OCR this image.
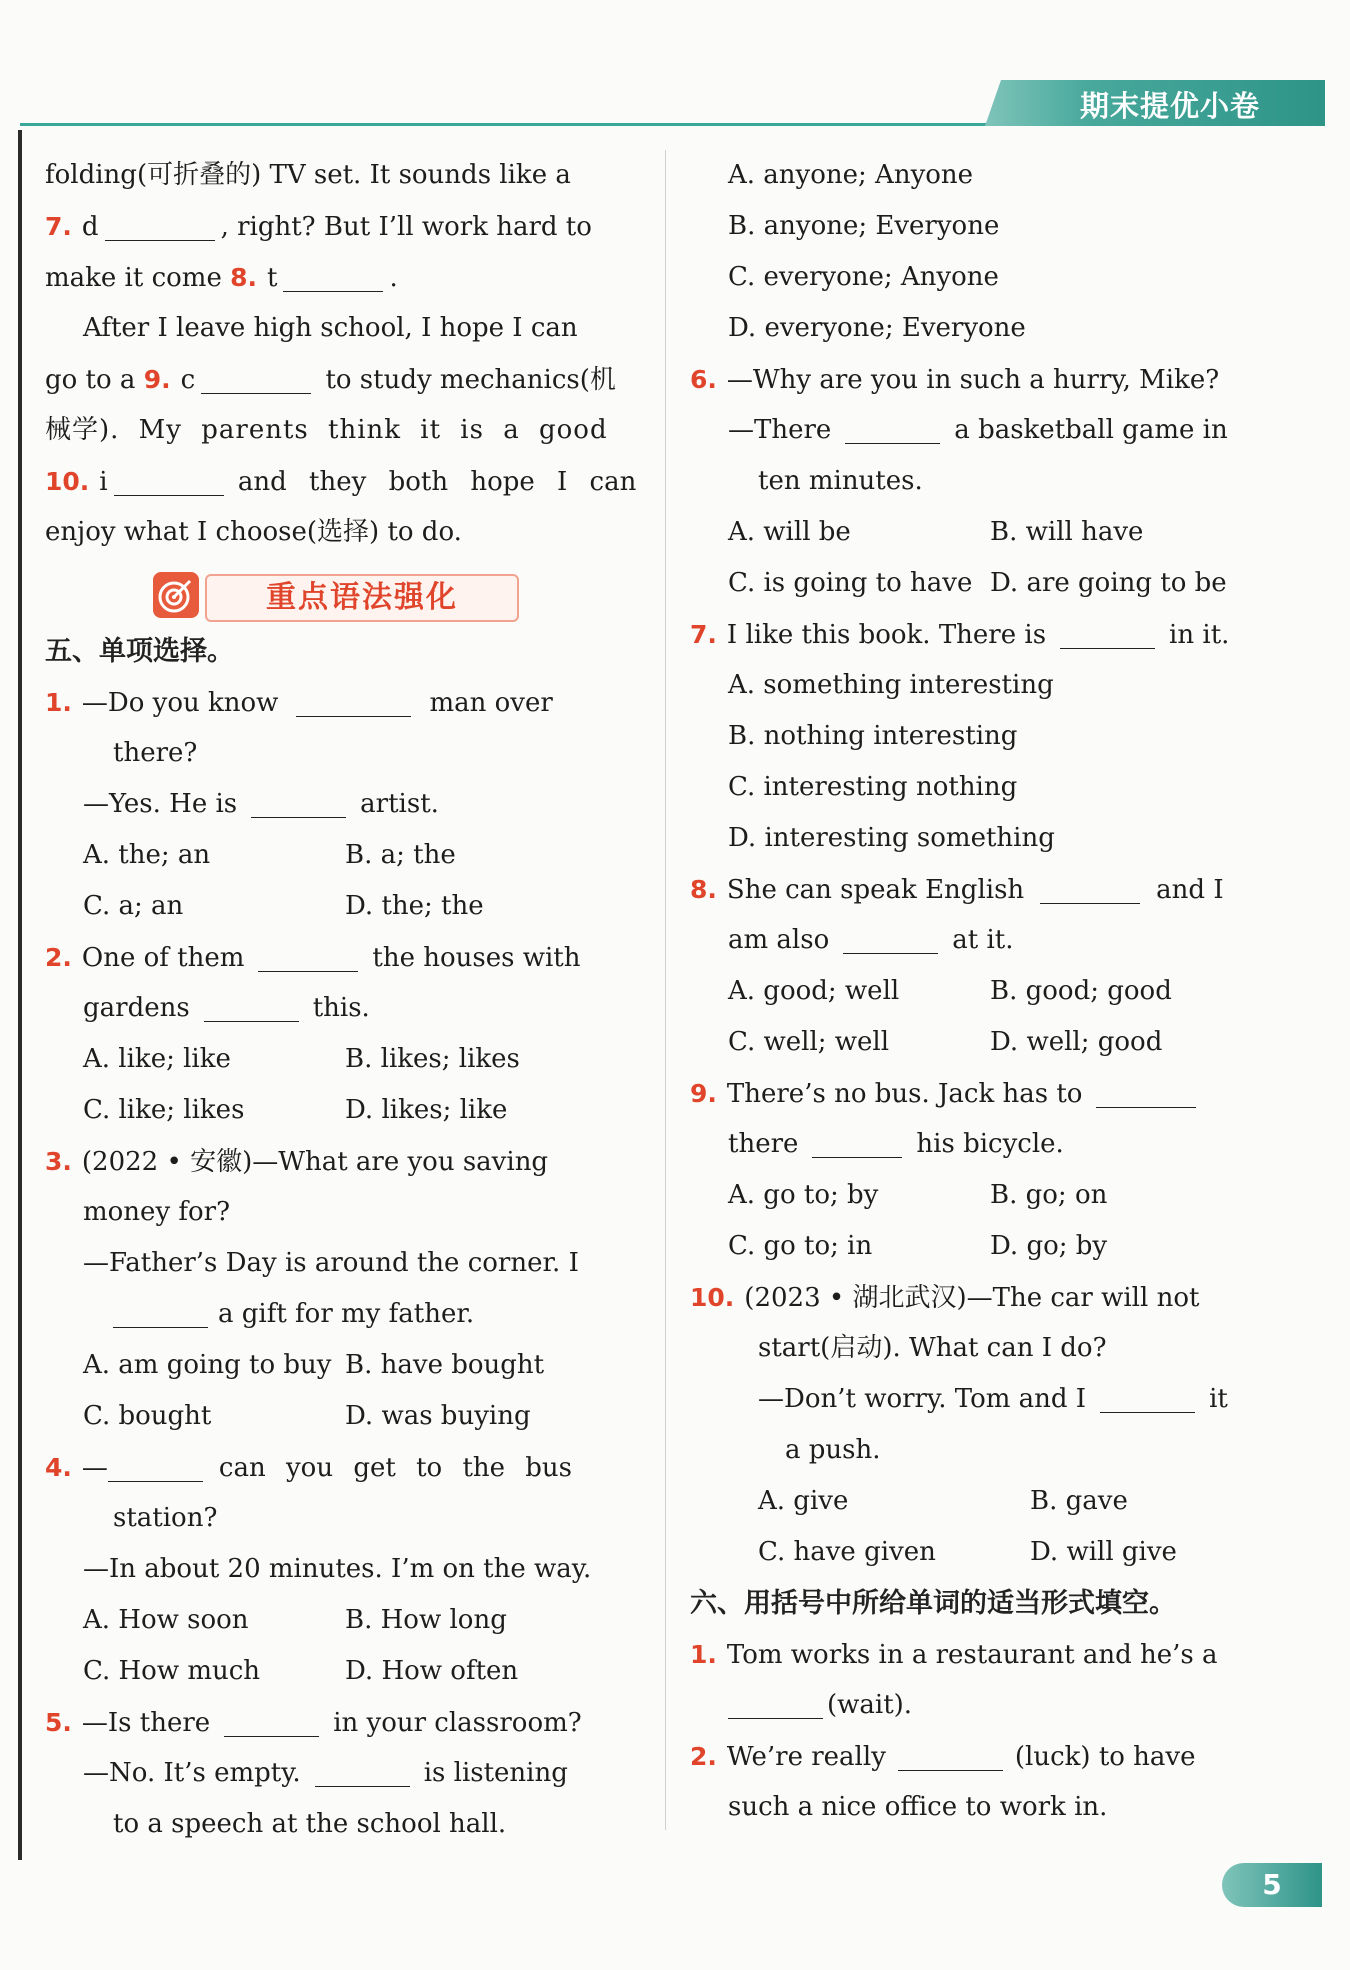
期末提优小卷
folding(可折叠的) TV set. It sounds like a
7. d	, right? But I’ll work hard to
make it come 8. t	.
After I leave high school, I hope I can
go to a 9. c	to study mechanics(机
械学). My parents think it is a good
10. i	and they both hope I can
enjoy what I choose(选择) to do.
重点语法强化
五、单项选择。
1. —Do you know	man over
there?
—Yes. He is	artist.
A. the; an	B. a; the
C. a; an	D. the; the
2. One of them	the houses with
gardens	this.
A. like; like	B. likes; likes
C. like; likes	D. likes; like
3. (2022 • 安徽)—What are you saving
money for?
—Father’s Day is around the corner. I
a gift for my father.
A. am going to buy B. have bought
C. bought	D. was buying
4. —	can you get to the bus
station?
—In about 20 minutes. I’m on the way.
A. How soon	B. How long
C. How much	D. How often
5. —Is there	in your classroom?
—No. It’s empty.	is listening
to a speech at the school hall.
A. anyone; Anyone
B. anyone; Everyone
C. everyone; Anyone
D. everyone; Everyone
6. —Why are you in such a hurry, Mike?
—There	a basketball game in
ten minutes.
A. will be	B. will have
C. is going to have D. are going to be
7. I like this book. There is	in it.
A. something interesting
B. nothing interesting
C. interesting nothing
D. interesting something
8. She can speak English	and I
am also	at it.
A. good; well	B. good; good
C. well; well	D. well; good
9. There’s no bus. Jack has to
there	his bicycle.
A. go to; by	B. go; on
C. go to; in	D. go; by
10. (2023 • 湖北武汉)—The car will not
start(启动). What can I do?
—Don’t worry. Tom and I	it
a push.
A. give	B. gave
C. have given	D. will give
六、用括号中所给单词的适当形式填空。
1. Tom works in a restaurant and he’s a
(wait).
2. We’re really	(luck) to have
such a nice office to work in.
5
